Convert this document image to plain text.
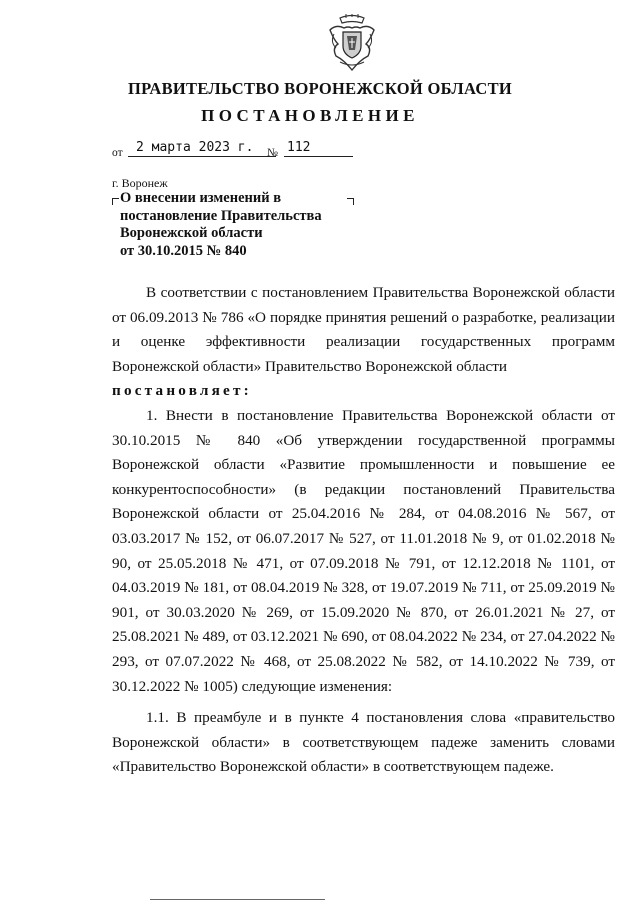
ПРАВИТЕЛЬСТВО ВОРОНЕЖСКОЙ ОБЛАСТИ
ПОСТАНОВЛЕНИЕ
от 2 марта 2023 г. № 112
г. Воронеж
О внесении изменений в
постановление Правительства
Воронежской области
от 30.10.2015 № 840

В соответствии с постановлением Правительства Воронежской области от 06.09.2013 № 786 «О порядке принятия решений о разработке, реализации и оценке эффективности реализации государственных программ Воронежской области» Правительство Воронежской области

постановляет:

1. Внести в постановление Правительства Воронежской области от 30.10.2015 № 840 «Об утверждении государственной программы Воронежской области «Развитие промышленности и повышение ее конкурентоспособности» (в редакции постановлений Правительства Воронежской области от 25.04.2016 № 284, от 04.08.2016 № 567, от 03.03.2017 № 152, от 06.07.2017 № 527, от 11.01.2018 № 9, от 01.02.2018 № 90, от 25.05.2018 № 471, от 07.09.2018 № 791, от 12.12.2018 № 1101, от 04.03.2019 № 181, от 08.04.2019 № 328, от 19.07.2019 № 711, от 25.09.2019 № 901, от 30.03.2020 № 269, от 15.09.2020 № 870, от 26.01.2021 № 27, от 25.08.2021 № 489, от 03.12.2021 № 690, от 08.04.2022 № 234, от 27.04.2022 № 293, от 07.07.2022 № 468, от 25.08.2022 № 582, от 14.10.2022 № 739, от 30.12.2022 № 1005) следующие изменения:

1.1. В преамбуле и в пункте 4 постановления слова «правительство Воронежской области» в соответствующем падеже заменить словами «Правительство Воронежской области» в соответствующем падеже.
